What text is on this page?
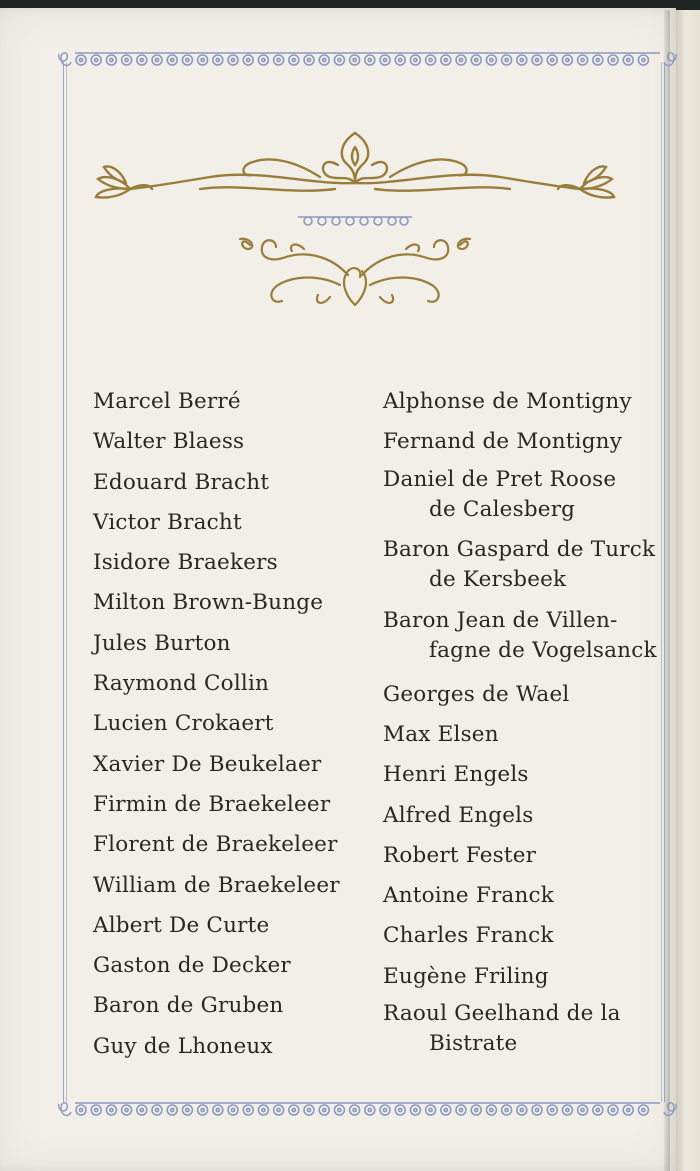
Marcel Berré
Walter Blaess
Edouard Bracht
Victor Bracht
Isidore Braekers
Milton Brown-Bunge
Jules Burton
Raymond Collin
Lucien Crokaert
Xavier De Beukelaer
Firmin de Braekeleer
Florent de Braekeleer
William de Braekeleer
Albert De Curte
Gaston de Decker
Baron de Gruben
Guy de Lhoneux
Alphonse de Montigny
Fernand de Montigny
Daniel de Pret Roose
de Calesberg
Baron Gaspard de Turck
de Kersbeek
Baron Jean de Villen-
fagne de Vogelsanck
Georges de Wael
Max Elsen
Henri Engels
Alfred Engels
Robert Fester
Antoine Franck
Charles Franck
Eugène Friling
Raoul Geelhand de la
Bistrate
